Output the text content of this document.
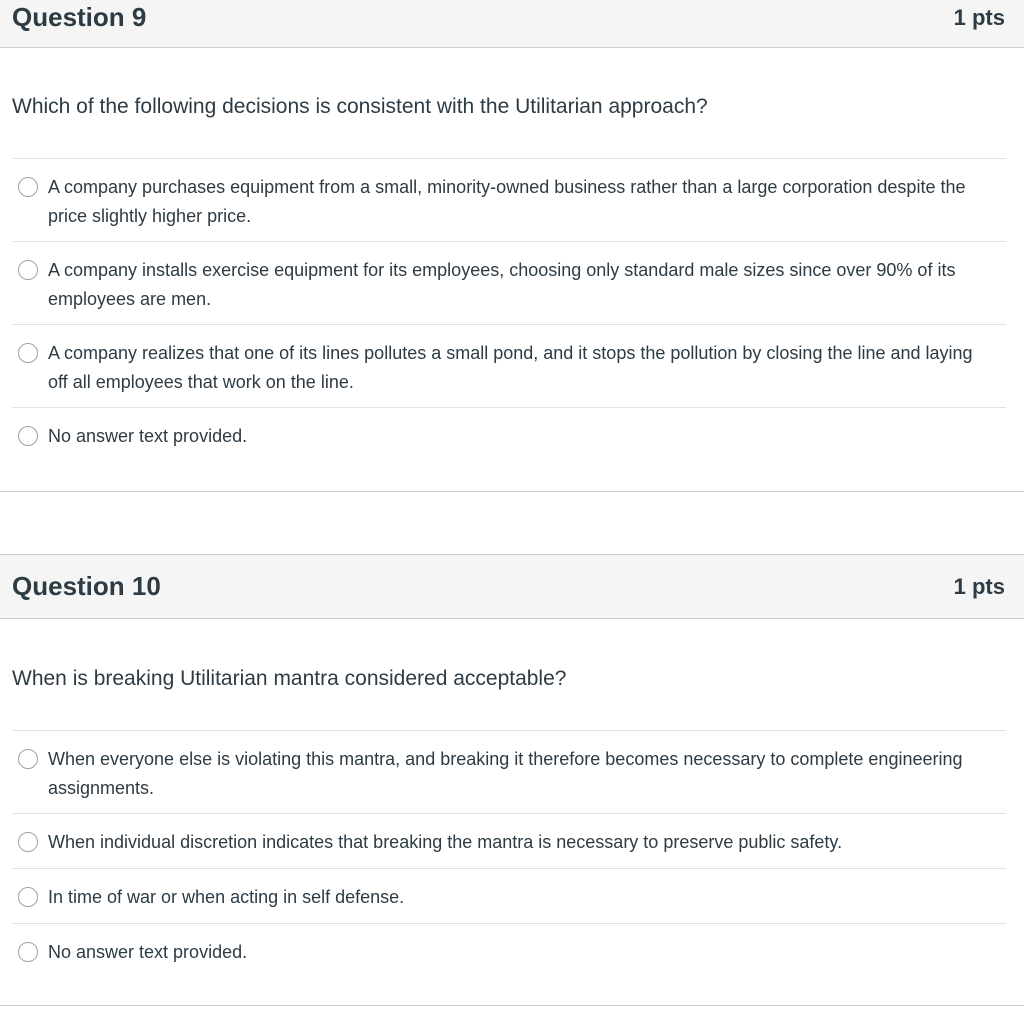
Question 9	1 pts
Which of the following decisions is consistent with the Utilitarian approach?
A company purchases equipment from a small, minority-owned business rather than a large corporation despite the price slightly higher price.
A company installs exercise equipment for its employees, choosing only standard male sizes since over 90% of its employees are men.
A company realizes that one of its lines pollutes a small pond, and it stops the pollution by closing the line and laying off all employees that work on the line.
No answer text provided.
Question 10	1 pts
When is breaking Utilitarian mantra considered acceptable?
When everyone else is violating this mantra, and breaking it therefore becomes necessary to complete engineering assignments.
When individual discretion indicates that breaking the mantra is necessary to preserve public safety.
In time of war or when acting in self defense.
No answer text provided.
